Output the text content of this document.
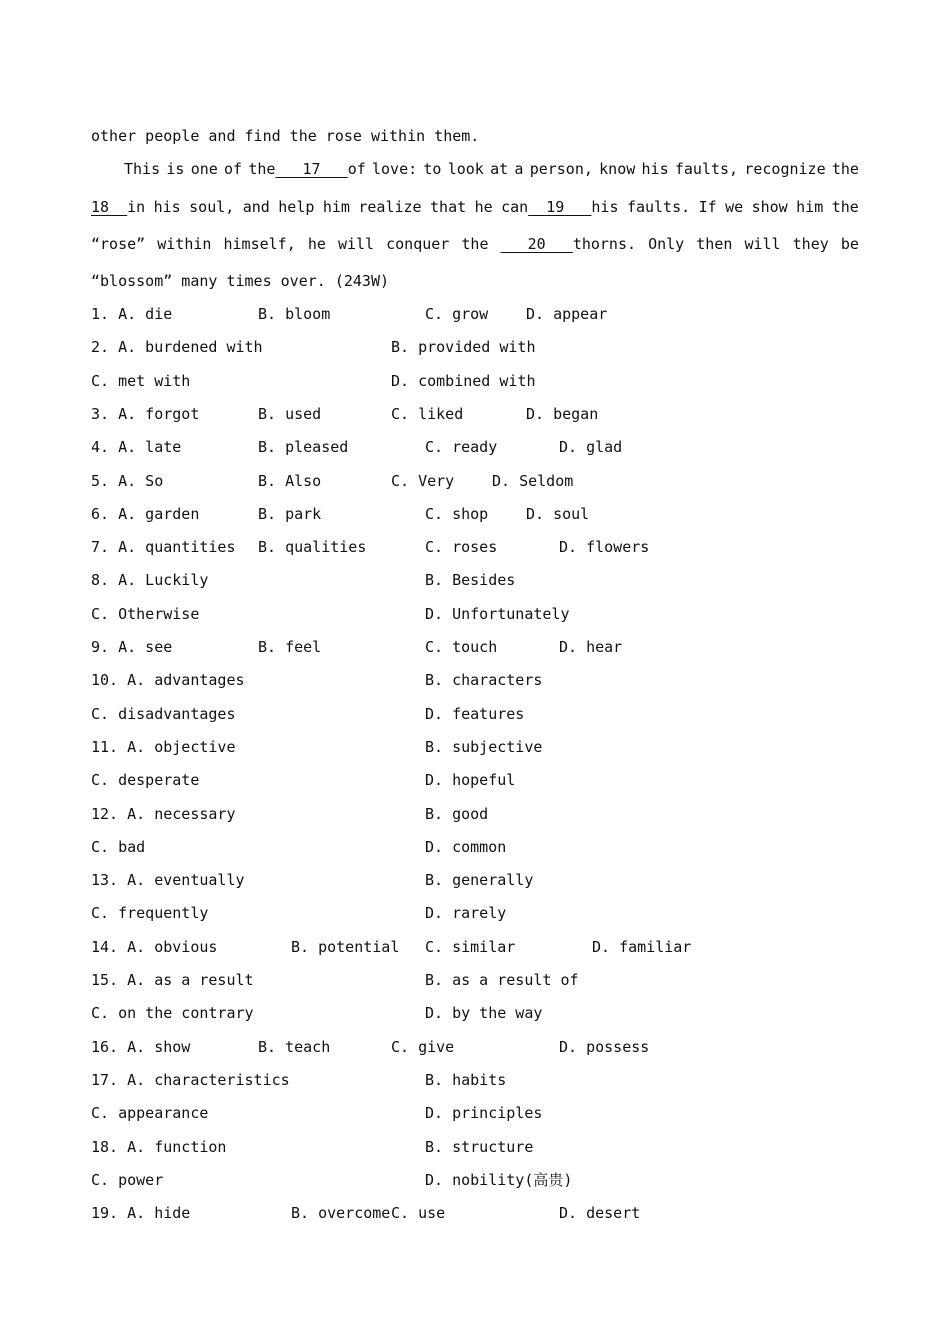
other people and find the rose within them.
This is one of the   17   of love: to look at a person, know his faults, recognize the
18  in his soul, and help him realize that he can  19   his faults. If we show him the
“rose” within himself, he will conquer the 20   thorns. Only then will they be
“blossom” many times over. (243W)
1. A. die	B. bloom	C. grow	D. appear
2. A. burdened with	B. provided with
C. met with	D. combined with
3. A. forgot	B. used	C. liked	D. began
4. A. late	B. pleased	C. ready	D. glad
5. A. So	B. Also	C. Very	D. Seldom
6. A. garden	B. park	C. shop	D. soul
7. A. quantities B. qualities	C. roses	D. flowers
8. A. Luckily	B. Besides
C. Otherwise	D. Unfortunately
9. A. see	B. feel	C. touch	D. hear
10. A. advantages	B. characters
C. disadvantages	D. features
11. A. objective	B. subjective
C. desperate	D. hopeful
12. A. necessary	B. good
C. bad	D. common
13. A. eventually	B. generally
C. frequently	D. rarely
14. A. obvious	B. potential C. similar	D. familiar
15. A. as a result	B. as a result of
C. on the contrary	D. by the way
16. A. show	B. teach	C. give	D. possess
17. A. characteristics	B. habits
C. appearance	D. principles
18. A. function	B. structure
C. power	D. nobility(高贵)
19. A. hide	B. overcome C. use	D. desert
